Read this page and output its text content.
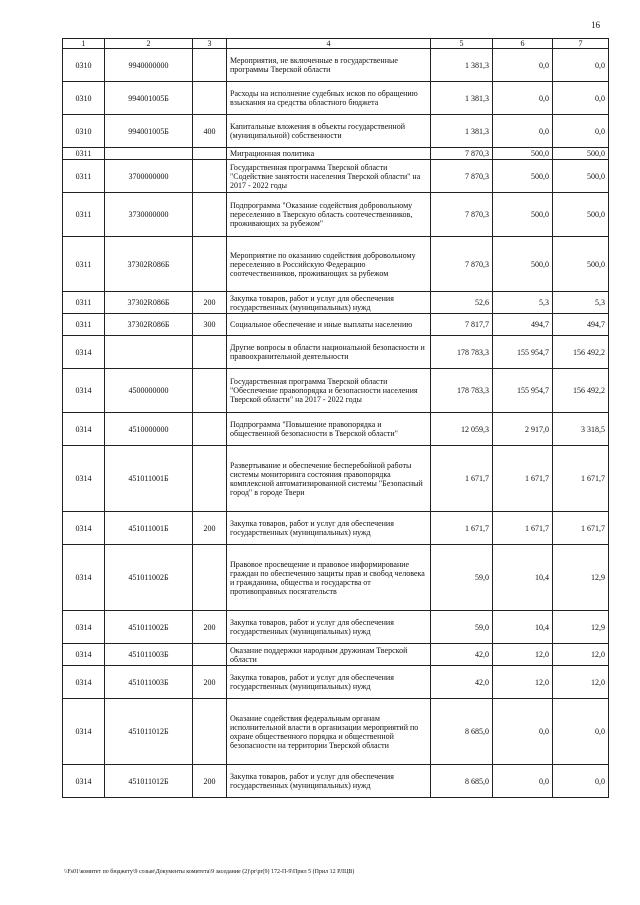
16
1	2	3	4	5	6	7
0310	9940000000		Мероприятия, не включенные в государственные программы Тверской области	1 381,3	0,0	0,0
0310	994001005Б		Расходы на исполнение судебных исков по обращению взыскания на средства областного бюджета	1 381,3	0,0	0,0
0310	994001005Б	400	Капитальные вложения в объекты государственной (муниципальной) собственности	1 381,3	0,0	0,0
0311			Миграционная политика	7 870,3	500,0	500,0
0311	3700000000		Государственная программа Тверской области "Содействие занятости населения Тверской области" на 2017 - 2022 годы	7 870,3	500,0	500,0
0311	3730000000		Подпрограмма "Оказание содействия добровольному переселению в Тверскую область соотечественников, проживающих за рубежом"	7 870,3	500,0	500,0
0311	37302R086Б		Мероприятие по оказанию содействия добровольному переселению в Российскую Федерацию соотечественников, проживающих за рубежом	7 870,3	500,0	500,0
0311	37302R086Б	200	Закупка товаров, работ и услуг для обеспечения государственных (муниципальных) нужд	52,6	5,3	5,3
0311	37302R086Б	300	Социальное обеспечение и иные выплаты населению	7 817,7	494,7	494,7
0314			Другие вопросы в области национальной безопасности и правоохранительной деятельности	178 783,3	155 954,7	156 492,2
0314	4500000000		Государственная программа Тверской области "Обеспечение правопорядка и безопасности населения Тверской области" на 2017 - 2022 годы	178 783,3	155 954,7	156 492,2
0314	4510000000		Подпрограмма "Повышение правопорядка и общественной безопасности в Тверской области"	12 059,3	2 917,0	3 318,5
0314	451011001Б		Развертывание и обеспечение бесперебойной работы системы мониторинга состояния правопорядка комплексной автоматизированной системы "Безопасный город" в городе Твери	1 671,7	1 671,7	1 671,7
0314	451011001Б	200	Закупка товаров, работ и услуг для обеспечения государственных (муниципальных) нужд	1 671,7	1 671,7	1 671,7
0314	451011002Б		Правовое просвещение и правовое информирование граждан по обеспечению защиты прав и свобод человека и гражданина, общества и государства от противоправных посягательств	59,0	10,4	12,9
0314	451011002Б	200	Закупка товаров, работ и услуг для обеспечения государственных (муниципальных) нужд	59,0	10,4	12,9
0314	451011003Б		Оказание поддержки народным дружинам Тверской области	42,0	12,0	12,0
0314	451011003Б	200	Закупка товаров, работ и услуг для обеспечения государственных (муниципальных) нужд	42,0	12,0	12,0
0314	451011012Б		Оказание содействия федеральным органам исполнительной власти в организации мероприятий по охране общественного порядка и общественной безопасности на территории Тверской области	8 685,0	0,0	0,0
0314	451011012Б	200	Закупка товаров, работ и услуг для обеспечения государственных (муниципальных) нужд	8 685,0	0,0	0,0
\\Fs01\комитет по бюджету\9 созыв\Документы комитета\9 заседание (2)\pr\pr(9) 172-П-9\Прил 5 (Прил 12 РЛЦВ)
